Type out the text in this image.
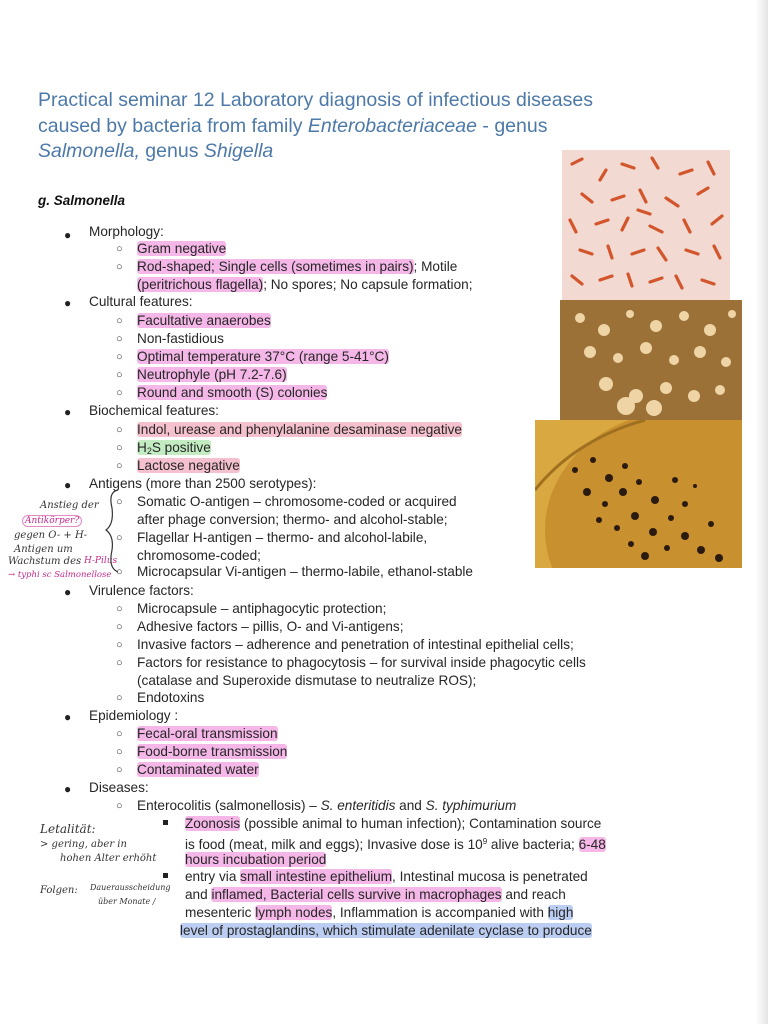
Practical seminar 12 Laboratory diagnosis of infectious diseases caused by bacteria from family Enterobacteriaceae - genus Salmonella, genus Shigella
g. Salmonella
● Morphology:
○ Gram negative
○ Rod-shaped; Single cells (sometimes in pairs); Motile
(peritrichous flagella); No spores; No capsule formation;
● Cultural features:
○ Facultative anaerobes
○ Non-fastidious
○ Optimal temperature 37°C (range 5-41°C)
○ Neutrophyle (pH 7.2-7.6)
○ Round and smooth (S) colonies
● Biochemical features:
○ Indol, urease and phenylalanine desaminase negative
○ $H_2S$ positive
○ Lactose negative
● Antigens (more than 2500 serotypes):
○ Somatic O-antigen – chromosome-coded or acquired
after phage conversion; thermo- and alcohol-stable;
○ Flagellar H-antigen – thermo- and alcohol-labile,
chromosome-coded;
○ Microcapsular Vi-antigen – thermo-labile, ethanol-stable
● Virulence factors:
○ Microcapsule – antiphagocytic protection;
○ Adhesive factors – pillis, O- and Vi-antigens;
○ Invasive factors – adherence and penetration of intestinal epithelial cells;
○ Factors for resistance to phagocytosis – for survival inside phagocytic cells
(catalase and Superoxide dismutase to neutralize ROS);
○ Endotoxins
● Epidemiology :
○ Fecal-oral transmission
○ Food-borne transmission
○ Contaminated water
● Diseases:
○ Enterocolitis (salmonellosis) – S. enteritidis and S. typhimurium
Zoonosis (possible animal to human infection); Contamination source
is food (meat, milk and eggs); Invasive dose is $10^9$ alive bacteria; 6-48
hours incubation period
entry via small intestine epithelium, Intestinal mucosa is penetrated
and inflamed, Bacterial cells survive in macrophages and reach
mesenteric lymph nodes, Inflammation is accompanied with high
level of prostaglandins, which stimulate adenilate cyclase to produce
Anstieg der
Antikörper?
gegen O- + H-
Antigen um
Wachstum des H-Pilus
→ typhi sc Salmonellose
Letalität:
> gering, aber in
hohen Alter erhöht
Folgen: Dauerausscheidung
über Monate /
